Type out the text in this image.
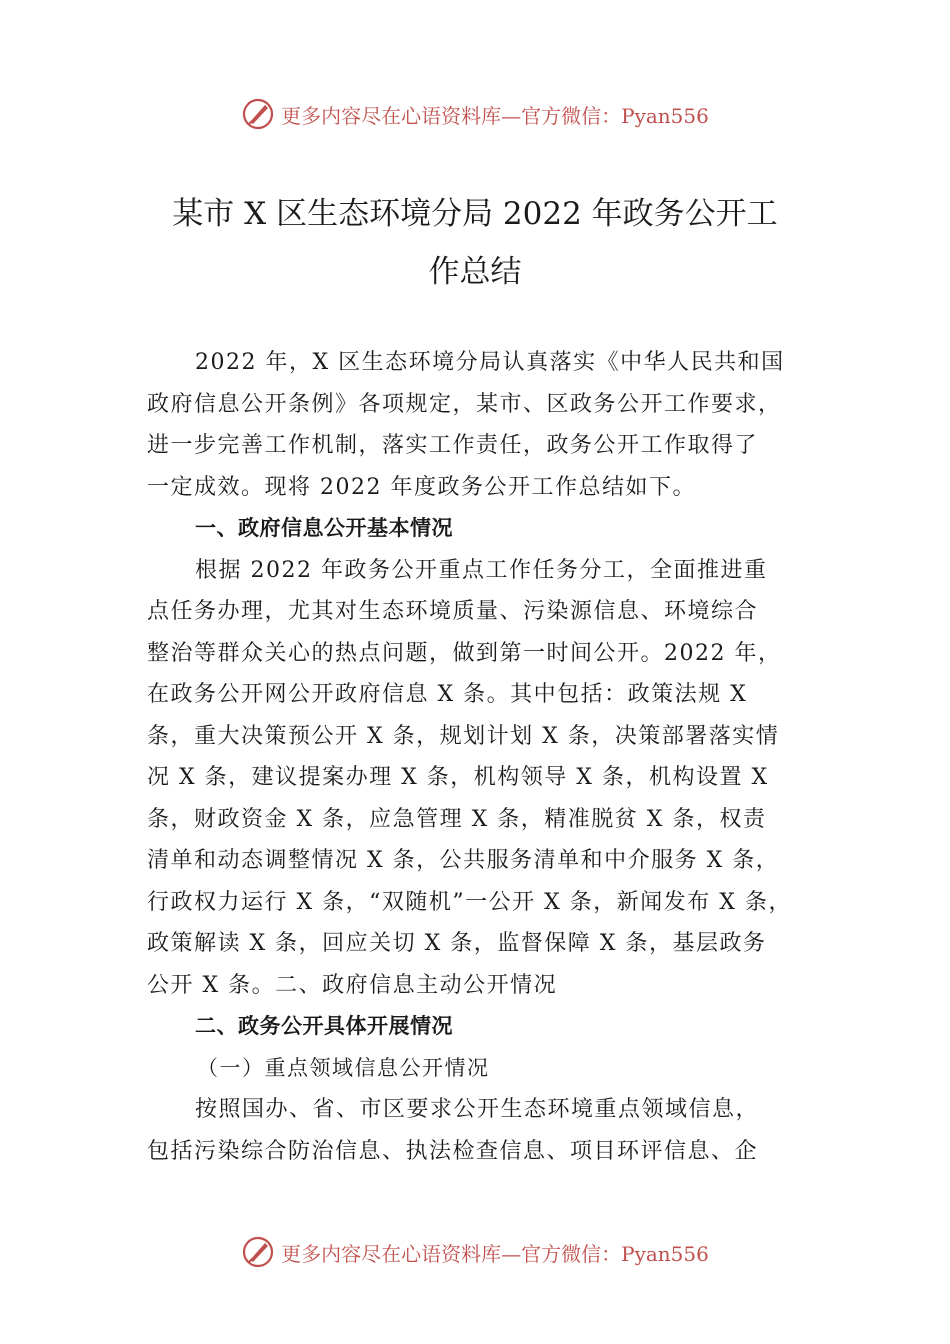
更多内容尽在心语资料库—官方微信：Pyan556
某市 X 区生态环境分局 2022 年政务公开工
作总结
2022 年，X 区生态环境分局认真落实《中华人民共和国
政府信息公开条例》各项规定，某市、区政务公开工作要求，
进一步完善工作机制，落实工作责任，政务公开工作取得了
一定成效。现将 2022 年度政务公开工作总结如下。
一、政府信息公开基本情况
根据 2022 年政务公开重点工作任务分工，全面推进重
点任务办理，尤其对生态环境质量、污染源信息、环境综合
整治等群众关心的热点问题，做到第一时间公开。2022 年，
在政务公开网公开政府信息 X 条。其中包括：政策法规 X
条，重大决策预公开 X 条，规划计划 X 条，决策部署落实情
况 X 条，建议提案办理 X 条，机构领导 X 条，机构设置 X
条，财政资金 X 条，应急管理 X 条，精准脱贫 X 条，权责
清单和动态调整情况 X 条，公共服务清单和中介服务 X 条，
行政权力运行 X 条，“双随机”一公开 X 条，新闻发布 X 条，
政策解读 X 条，回应关切 X 条，监督保障 X 条，基层政务
公开 X 条。二、政府信息主动公开情况
二、政务公开具体开展情况
（一）重点领域信息公开情况
按照国办、省、市区要求公开生态环境重点领域信息，
包括污染综合防治信息、执法检查信息、项目环评信息、企
更多内容尽在心语资料库—官方微信：Pyan556
